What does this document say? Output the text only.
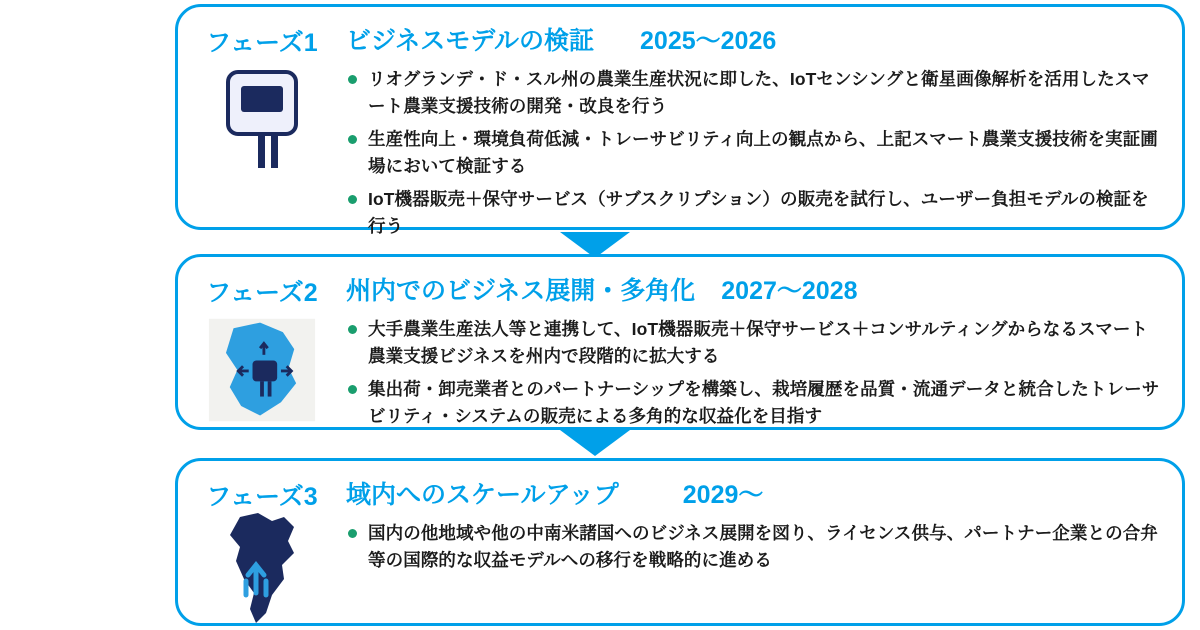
フェーズ1 ビジネスモデルの検証 2025〜2026
リオグランデ・ド・スル州の農業生産状況に即した、IoTセンシングと衛星画像解析を活用したスマート農業支援技術の開発・改良を行う
生産性向上・環境負荷低減・トレーサビリティ向上の観点から、上記スマート農業支援技術を実証圃場において検証する
IoT機器販売＋保守サービス（サブスクリプション）の販売を試行し、ユーザー負担モデルの検証を行う
フェーズ2 州内でのビジネス展開・多角化 2027〜2028
大手農業生産法人等と連携して、IoT機器販売＋保守サービス＋コンサルティングからなるスマート農業支援ビジネスを州内で段階的に拡大する
集出荷・卸売業者とのパートナーシップを構築し、栽培履歴を品質・流通データと統合したトレーサビリティ・システムの販売による多角的な収益化を目指す
フェーズ3 域内へのスケールアップ	2029〜
国内の他地域や他の中南米諸国へのビジネス展開を図り、ライセンス供与、パートナー企業との合弁等の国際的な収益モデルへの移行を戦略的に進める
